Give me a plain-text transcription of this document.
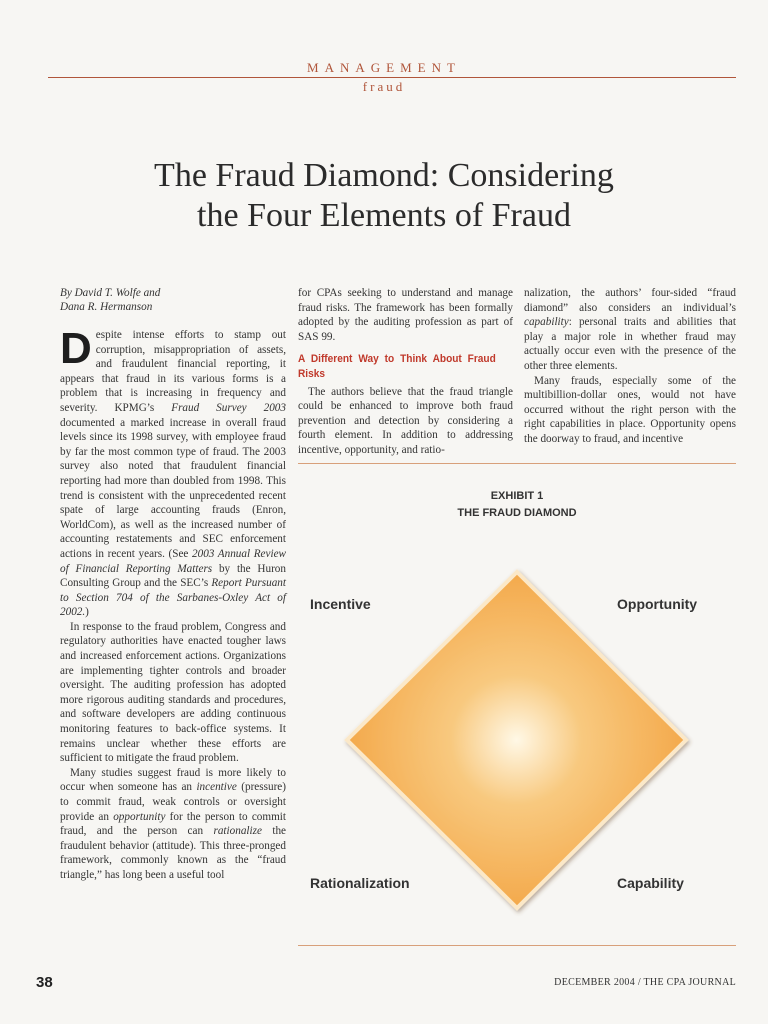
MANAGEMENT
fraud
The Fraud Diamond: Considering
the Four Elements of Fraud

By David T. Wolfe and
Dana R. Hermanson

Despite intense efforts to stamp out corruption, misappropriation of assets, and fraudulent financial reporting, it appears that fraud in its various forms is a problem that is increasing in frequency and severity. KPMG’s Fraud Survey 2003 documented a marked increase in overall fraud levels since its 1998 survey, with employee fraud by far the most common type of fraud. The 2003 survey also noted that fraudulent financial reporting had more than doubled from 1998. This trend is consistent with the unprecedented recent spate of large accounting frauds (Enron, WorldCom), as well as the increased number of accounting restatements and SEC enforcement actions in recent years. (See 2003 Annual Review of Financial Reporting Matters by the Huron Consulting Group and the SEC’s Report Pursuant to Section 704 of the Sarbanes-Oxley Act of 2002.)

In response to the fraud problem, Congress and regulatory authorities have enacted tougher laws and increased enforcement actions. Organizations are implementing tighter controls and broader oversight. The auditing profession has adopted more rigorous auditing standards and procedures, and software developers are adding continuous monitoring features to back-office systems. It remains unclear whether these efforts are sufficient to mitigate the fraud problem.

Many studies suggest fraud is more likely to occur when someone has an incentive (pressure) to commit fraud, weak controls or oversight provide an opportunity for the person to commit fraud, and the person can rationalize the fraudulent behavior (attitude). This three-pronged framework, commonly known as the “fraud triangle,” has long been a useful tool

for CPAs seeking to understand and manage fraud risks. The framework has been formally adopted by the auditing profession as part of SAS 99.

A Different Way to Think About Fraud Risks

The authors believe that the fraud triangle could be enhanced to improve both fraud prevention and detection by considering a fourth element. In addition to addressing incentive, opportunity, and ratio-

nalization, the authors’ four-sided “fraud diamond” also considers an individual’s capability: personal traits and abilities that play a major role in whether fraud may actually occur even with the presence of the other three elements.

Many frauds, especially some of the multibillion-dollar ones, would not have occurred without the right person with the right capabilities in place. Opportunity opens the doorway to fraud, and incentive

EXHIBIT 1
THE FRAUD DIAMOND
Incentive	Opportunity
Rationalization	Capability
38	DECEMBER 2004 / THE CPA JOURNAL
